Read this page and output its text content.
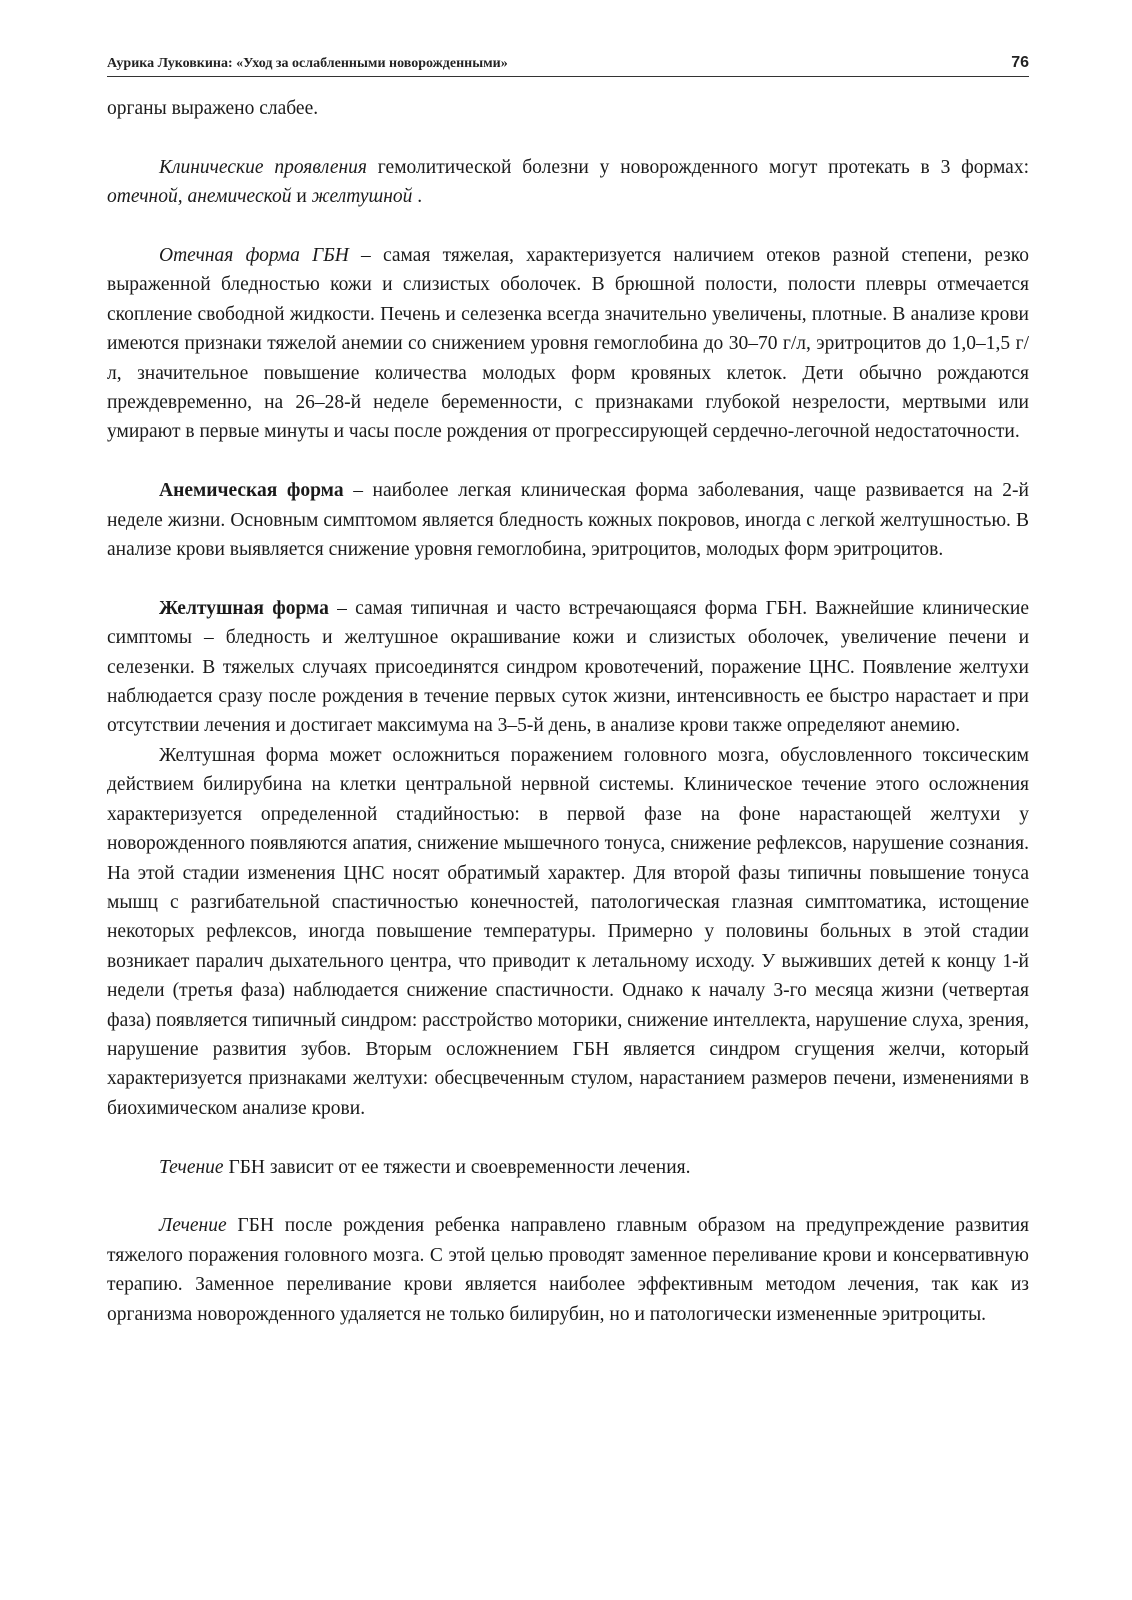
Аурика Луковкина: «Уход за ослабленными новорожденными»	76

органы выражено слабее.

Клинические проявления гемолитической болезни у новорожденного могут протекать в 3 формах: отечной, анемической и желтушной .

Отечная форма ГБН – самая тяжелая, характеризуется наличием отеков разной степени, резко выраженной бледностью кожи и слизистых оболочек. В брюшной полости, полости плевры отмечается скопление свободной жидкости. Печень и селезенка всегда значительно увеличены, плотные. В анализе крови имеются признаки тяжелой анемии со снижением уровня гемоглобина до 30–70 г/л, эритроцитов до 1,0–1,5 г/л, значительное повышение количества молодых форм кровяных клеток. Дети обычно рождаются преждевременно, на 26–28-й неделе беременности, с признаками глубокой незрелости, мертвыми или умирают в первые минуты и часы после рождения от прогрессирующей сердечно-легочной недостаточности.

Анемическая форма – наиболее легкая клиническая форма заболевания, чаще развивается на 2-й неделе жизни. Основным симптомом является бледность кожных покровов, иногда с легкой желтушностью. В анализе крови выявляется снижение уровня гемоглобина, эритроцитов, молодых форм эритроцитов.

Желтушная форма – самая типичная и часто встречающаяся форма ГБН. Важнейшие клинические симптомы – бледность и желтушное окрашивание кожи и слизистых оболочек, увеличение печени и селезенки. В тяжелых случаях присоединятся синдром кровотечений, поражение ЦНС. Появление желтухи наблюдается сразу после рождения в течение первых суток жизни, интенсивность ее быстро нарастает и при отсутствии лечения и достигает максимума на 3–5-й день, в анализе крови также определяют анемию.

Желтушная форма может осложниться поражением головного мозга, обусловленного токсическим действием билирубина на клетки центральной нервной системы. Клиническое течение этого осложнения характеризуется определенной стадийностью: в первой фазе на фоне нарастающей желтухи у новорожденного появляются апатия, снижение мышечного тонуса, снижение рефлексов, нарушение сознания. На этой стадии изменения ЦНС носят обратимый характер. Для второй фазы типичны повышение тонуса мышц с разгибательной спастичностью конечностей, патологическая глазная симптоматика, истощение некоторых рефлексов, иногда повышение температуры. Примерно у половины больных в этой стадии возникает паралич дыхательного центра, что приводит к летальному исходу. У выживших детей к концу 1-й недели (третья фаза) наблюдается снижение спастичности. Однако к началу 3-го месяца жизни (четвертая фаза) появляется типичный синдром: расстройство моторики, снижение интеллекта, нарушение слуха, зрения, нарушение развития зубов. Вторым осложнением ГБН является синдром сгущения желчи, который характеризуется признаками желтухи: обесцвеченным стулом, нарастанием размеров печени, изменениями в биохимическом анализе крови.

Течение ГБН зависит от ее тяжести и своевременности лечения.

Лечение ГБН после рождения ребенка направлено главным образом на предупреждение развития тяжелого поражения головного мозга. С этой целью проводят заменное переливание крови и консервативную терапию. Заменное переливание крови является наиболее эффективным методом лечения, так как из организма новорожденного удаляется не только билирубин, но и патологически измененные эритроциты.
